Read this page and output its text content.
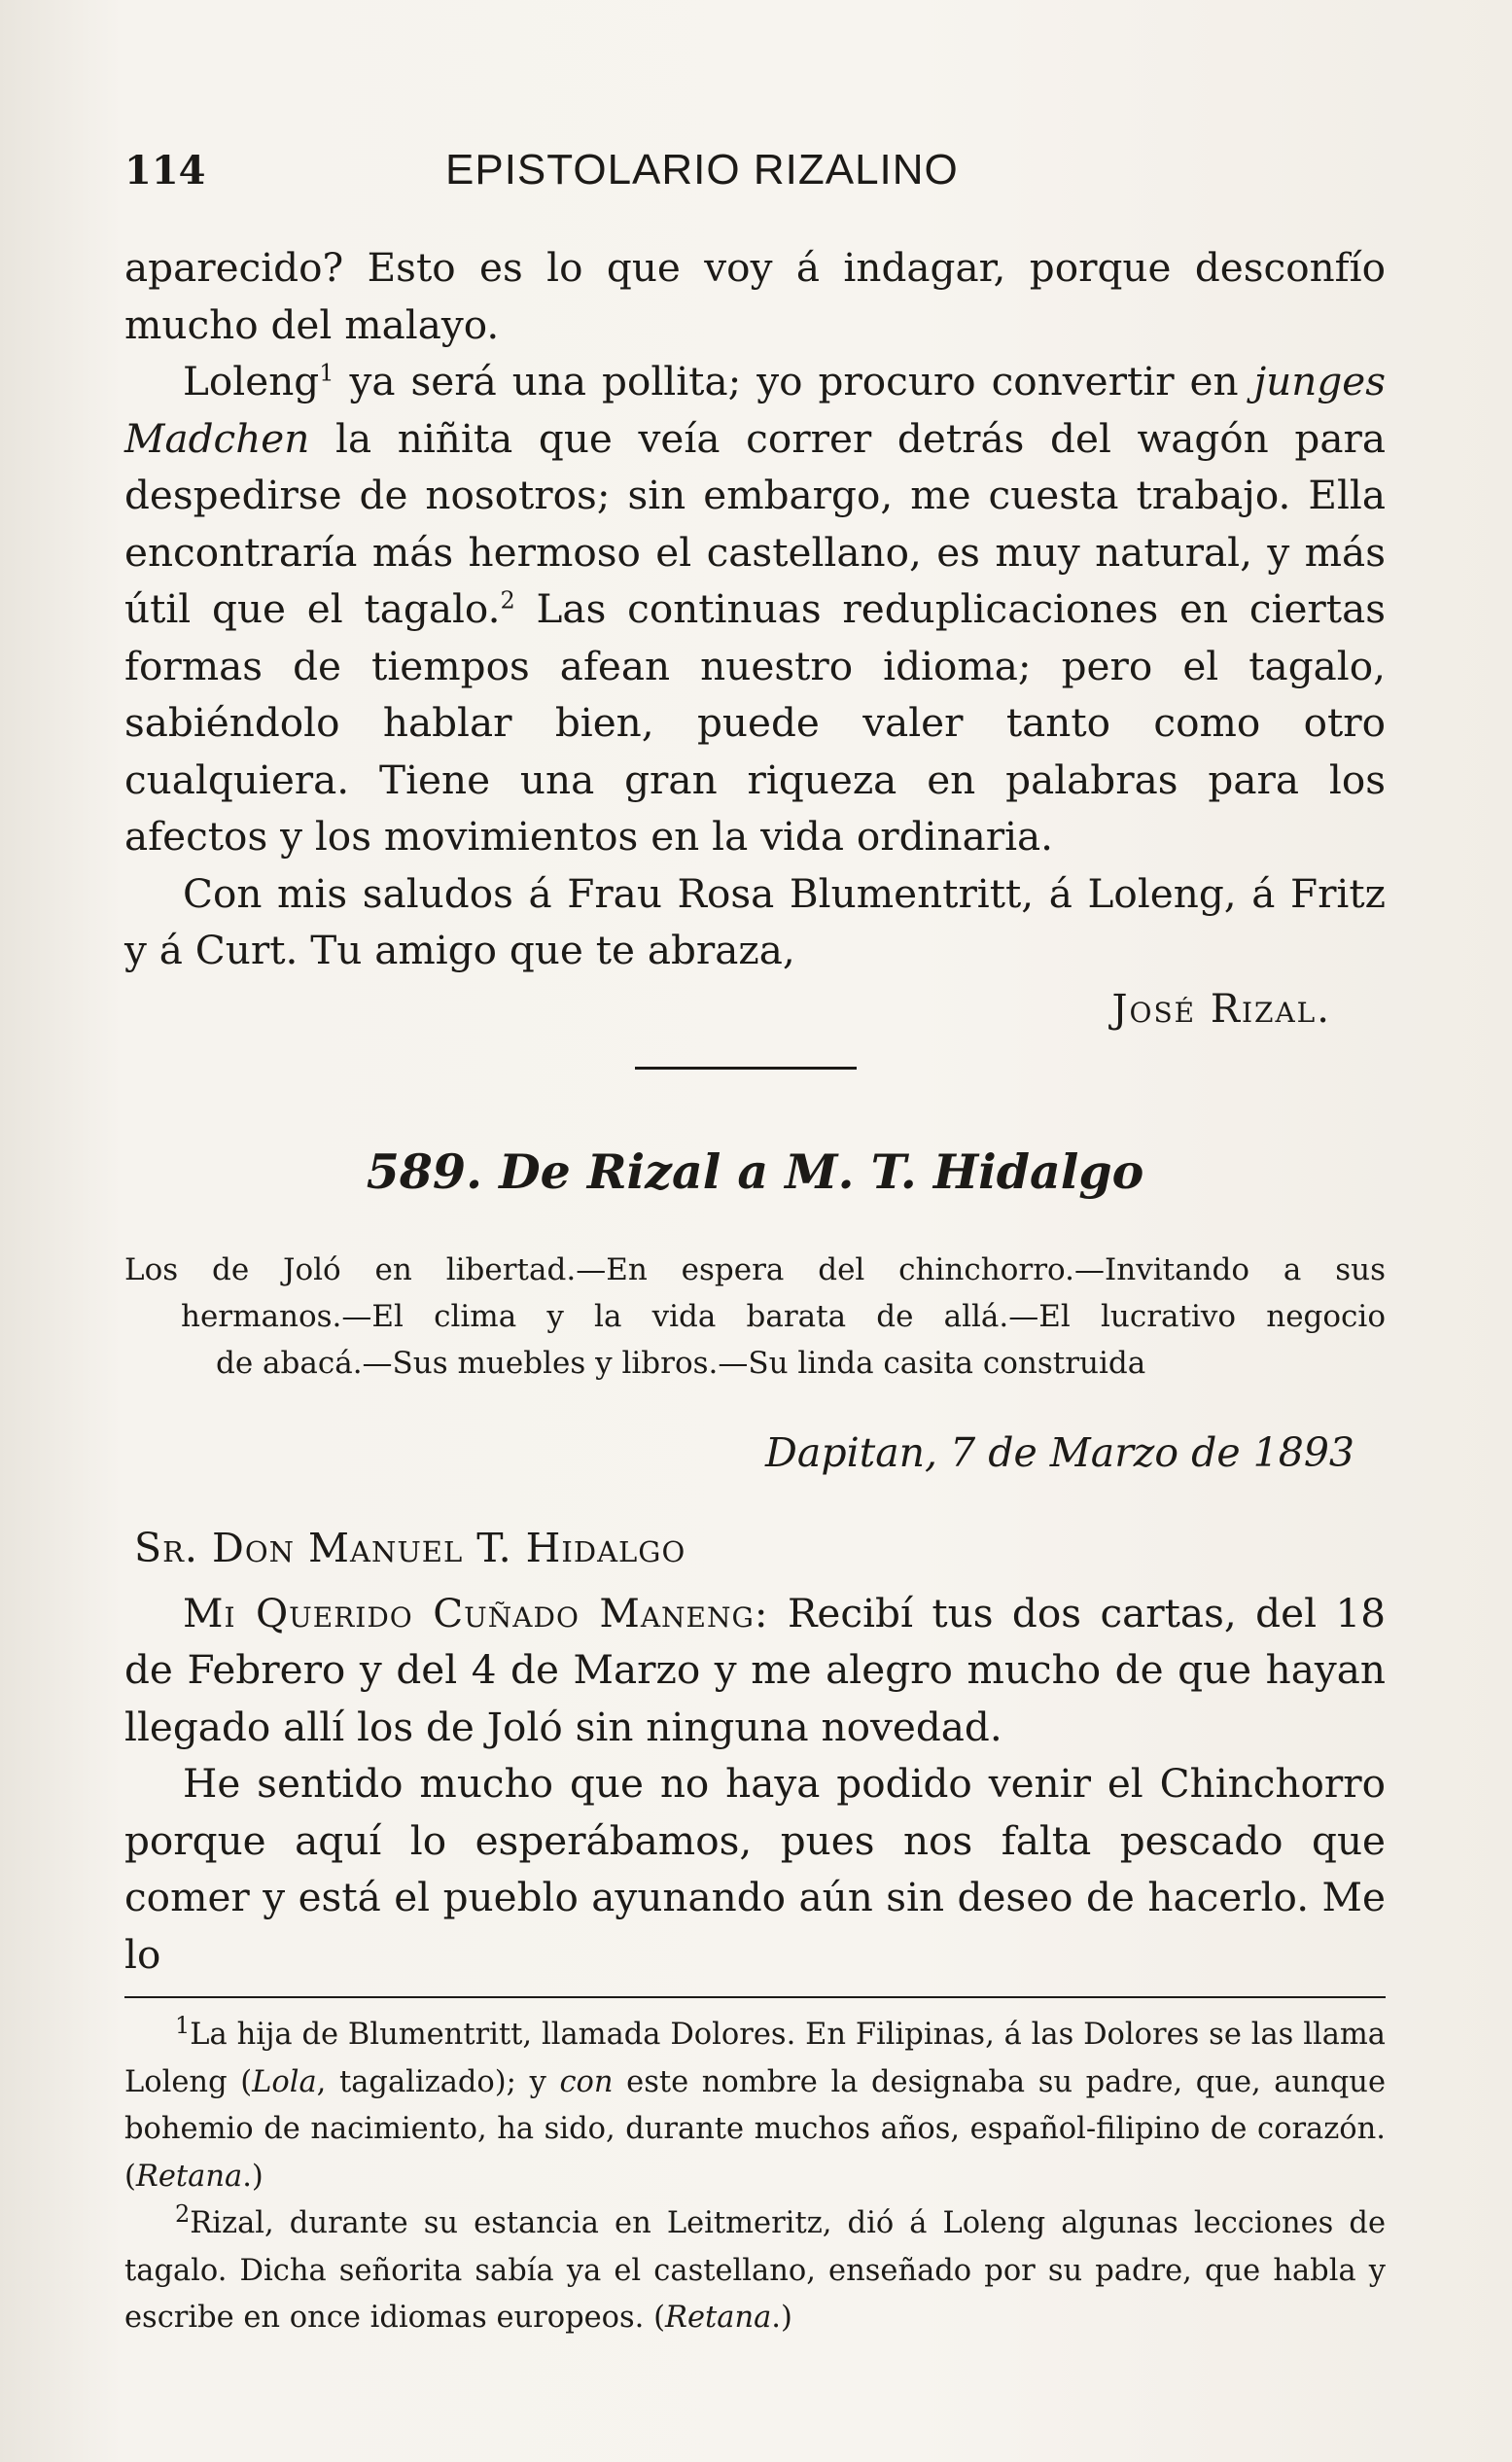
114	EPISTOLARIO RIZALINO

aparecido? Esto es lo que voy á indagar, porque desconfío mucho del malayo.

Loleng$^1$ ya será una pollita; yo procuro convertir en junges Madchen la niñita que veía correr detrás del wagón para despedirse de nosotros; sin embargo, me cuesta trabajo. Ella encontraría más hermoso el castellano, es muy natural, y más útil que el tagalo.$^2$ Las continuas reduplicaciones en ciertas formas de tiempos afean nuestro idioma; pero el tagalo, sabiéndolo hablar bien, puede valer tanto como otro cualquiera. Tiene una gran riqueza en palabras para los afectos y los movimientos en la vida ordinaria.

Con mis saludos á Frau Rosa Blumentritt, á Loleng, á Fritz y á Curt. Tu amigo que te abraza,

José Rizal.

589. De Rizal a M. T. Hidalgo
Los de Joló en libertad.—En espera del chinchorro.—Invitando a sus
hermanos.—El clima y la vida barata de allá.—El lucrativo negocio
de abacá.—Sus muebles y libros.—Su linda casita construida

Dapitan, 7 de Marzo de 1893

Sr. Don Manuel T. Hidalgo

Mi Querido Cuñado Maneng: Recibí tus dos cartas, del 18 de Febrero y del 4 de Marzo y me alegro mucho de que hayan llegado allí los de Joló sin ninguna novedad.

He sentido mucho que no haya podido venir el Chinchorro porque aquí lo esperábamos, pues nos falta pescado que comer y está el pueblo ayunando aún sin deseo de hacerlo. Me lo

$^1$La hija de Blumentritt, llamada Dolores. En Filipinas, á las Dolores se las llama Loleng (Lola, tagalizado); y con este nombre la designaba su padre, que, aunque bohemio de nacimiento, ha sido, durante muchos años, español-filipino de corazón. (Retana.)

$^2$Rizal, durante su estancia en Leitmeritz, dió á Loleng algunas lecciones de tagalo. Dicha señorita sabía ya el castellano, enseñado por su padre, que habla y escribe en once idiomas europeos. (Retana.)
